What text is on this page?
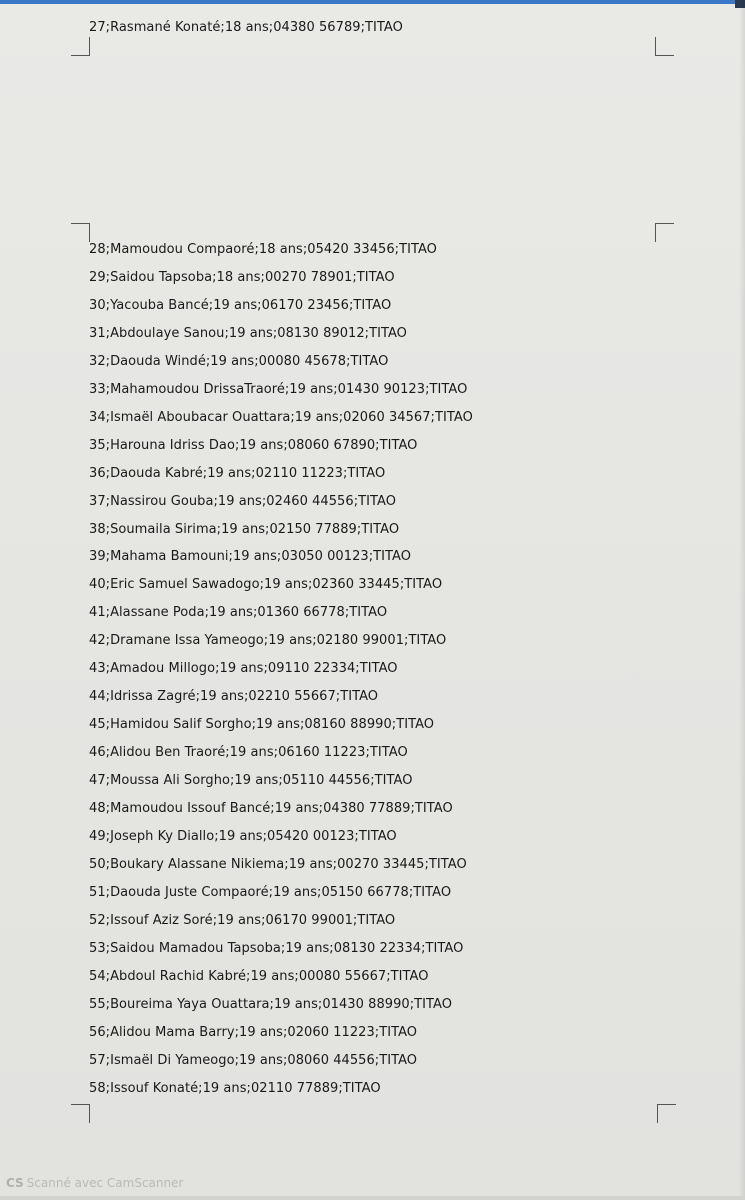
27;Rasmané Konaté;18 ans;04380 56789;TITAO
28;Mamoudou Compaoré;18 ans;05420 33456;TITAO
29;Saidou Tapsoba;18 ans;00270 78901;TITAO
30;Yacouba Bancé;19 ans;06170 23456;TITAO
31;Abdoulaye Sanou;19 ans;08130 89012;TITAO
32;Daouda Windé;19 ans;00080 45678;TITAO
33;Mahamoudou DrissaTraoré;19 ans;01430 90123;TITAO
34;Ismaël Aboubacar Ouattara;19 ans;02060 34567;TITAO
35;Harouna Idriss Dao;19 ans;08060 67890;TITAO
36;Daouda Kabré;19 ans;02110 11223;TITAO
37;Nassirou Gouba;19 ans;02460 44556;TITAO
38;Soumaila Sirima;19 ans;02150 77889;TITAO
39;Mahama Bamouni;19 ans;03050 00123;TITAO
40;Eric Samuel Sawadogo;19 ans;02360 33445;TITAO
41;Alassane Poda;19 ans;01360 66778;TITAO
42;Dramane Issa Yameogo;19 ans;02180 99001;TITAO
43;Amadou Millogo;19 ans;09110 22334;TITAO
44;Idrissa Zagré;19 ans;02210 55667;TITAO
45;Hamidou Salif Sorgho;19 ans;08160 88990;TITAO
46;Alidou Ben Traoré;19 ans;06160 11223;TITAO
47;Moussa Ali Sorgho;19 ans;05110 44556;TITAO
48;Mamoudou Issouf Bancé;19 ans;04380 77889;TITAO
49;Joseph Ky Diallo;19 ans;05420 00123;TITAO
50;Boukary Alassane Nikiema;19 ans;00270 33445;TITAO
51;Daouda Juste Compaoré;19 ans;05150 66778;TITAO
52;Issouf Aziz Soré;19 ans;06170 99001;TITAO
53;Saidou Mamadou Tapsoba;19 ans;08130 22334;TITAO
54;Abdoul Rachid Kabré;19 ans;00080 55667;TITAO
55;Boureima Yaya Ouattara;19 ans;01430 88990;TITAO
56;Alidou Mama Barry;19 ans;02060 11223;TITAO
57;Ismaël Di Yameogo;19 ans;08060 44556;TITAO
58;Issouf Konaté;19 ans;02110 77889;TITAO
CS Scanné avec CamScanner
